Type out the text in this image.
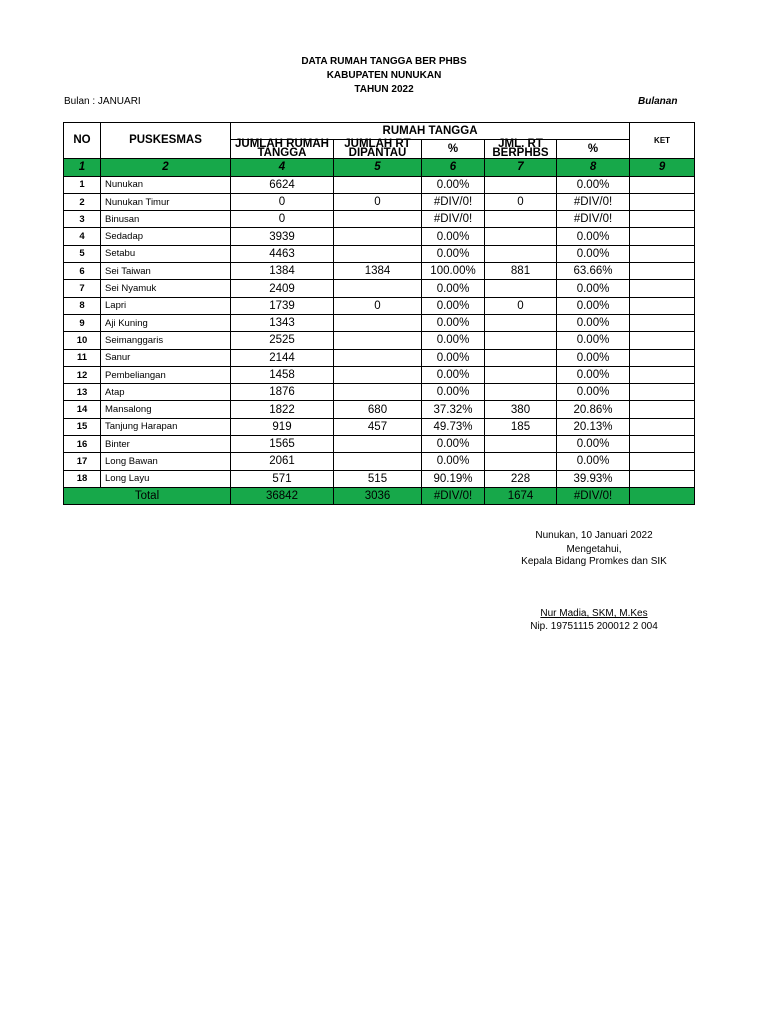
DATA RUMAH TANGGA BER PHBS
KABUPATEN NUNUKAN
TAHUN 2022
Bulan : JANUARI	Bulanan
NO	PUSKESMAS	RUMAH TANGGA					KET
		JUMLAH RUMAH TANGGA	JUMLAH RT DIPANTAU	%	JML. RT BERPHBS	%	
1	2	4	5	6	7	8	9
1	Nunukan	6624		0.00%		0.00%	
2	Nunukan Timur	0	0	#DIV/0!	0	#DIV/0!	
3	Binusan	0		#DIV/0!		#DIV/0!	
4	Sedadap	3939		0.00%		0.00%	
5	Setabu	4463		0.00%		0.00%	
6	Sei Taiwan	1384	1384	100.00%	881	63.66%	
7	Sei Nyamuk	2409		0.00%		0.00%	
8	Lapri	1739	0	0.00%	0	0.00%	
9	Aji Kuning	1343		0.00%		0.00%	
10	Seimanggaris	2525		0.00%		0.00%	
11	Sanur	2144		0.00%		0.00%	
12	Pembeliangan	1458		0.00%		0.00%	
13	Atap	1876		0.00%		0.00%	
14	Mansalong	1822	680	37.32%	380	20.86%	
15	Tanjung Harapan	919	457	49.73%	185	20.13%	
16	Binter	1565		0.00%		0.00%	
17	Long Bawan	2061		0.00%		0.00%	
18	Long Layu	571	515	90.19%	228	39.93%	
Total		36842	3036	#DIV/0!	1674	#DIV/0!	
Nunukan, 10 Januari 2022
Mengetahui,
Kepala Bidang Promkes dan SIK
Nur Madia, SKM, M.Kes
Nip. 19751115 200012 2 004
